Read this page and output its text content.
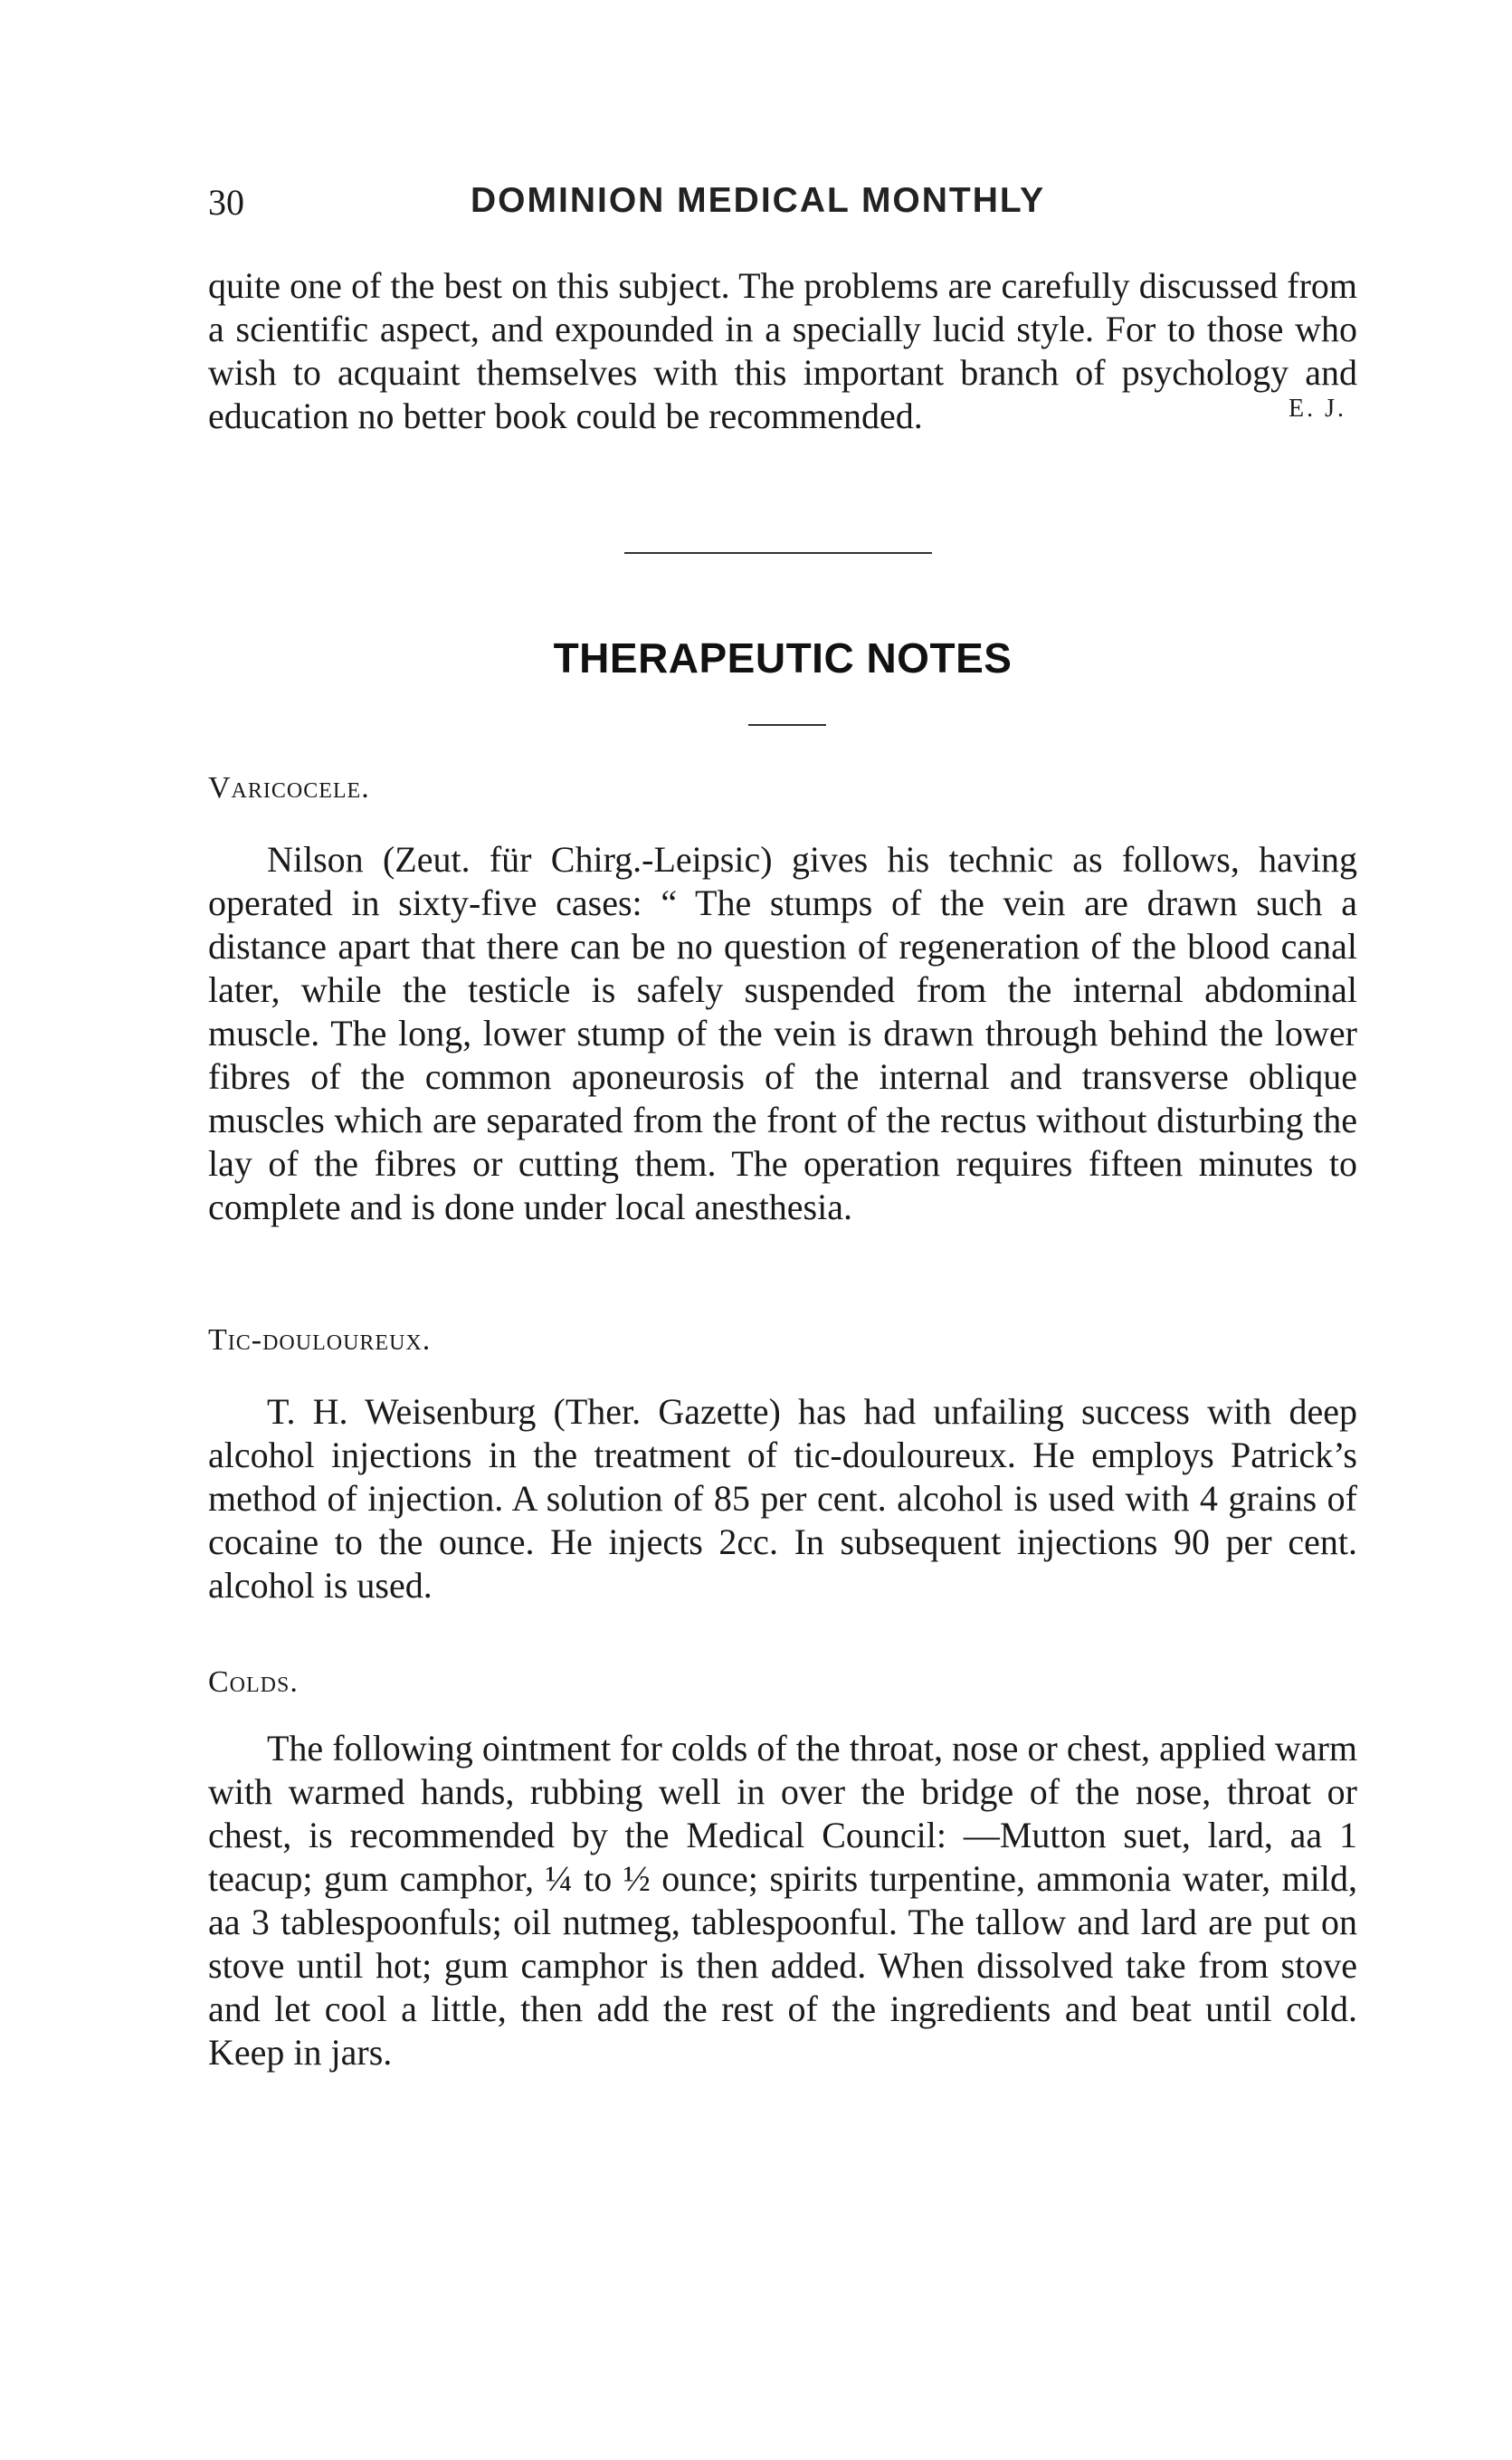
30	DOMINION MEDICAL MONTHLY

quite one of the best on this subject. The problems are carefully discussed from a scientific aspect, and expounded in a specially lucid style. For to those who wish to acquaint themselves with this important branch of psychology and education no better book could be recommended.	E. J.
THERAPEUTIC NOTES
Varicocele.

Nilson (Zeut. für Chirg.-Leipsic) gives his technic as follows, having operated in sixty-five cases: “ The stumps of the vein are drawn such a distance apart that there can be no question of regeneration of the blood canal later, while the testicle is safely suspended from the internal abdominal muscle. The long, lower stump of the vein is drawn through behind the lower fibres of the common aponeurosis of the internal and transverse oblique muscles which are separated from the front of the rectus without disturbing the lay of the fibres or cutting them. The operation requires fifteen minutes to complete and is done under local anesthesia.

Tic-douloureux.

T. H. Weisenburg (Ther. Gazette) has had unfailing success with deep alcohol injections in the treatment of tic-douloureux. He employs Patrick’s method of injection. A solution of 85 per cent. alcohol is used with 4 grains of cocaine to the ounce. He injects 2cc. In subsequent injections 90 per cent. alcohol is used.

Colds.

The following ointment for colds of the throat, nose or chest, applied warm with warmed hands, rubbing well in over the bridge of the nose, throat or chest, is recommended by the Medical Council: —Mutton suet, lard, aa 1 teacup; gum camphor, ¼ to ½ ounce; spirits turpentine, ammonia water, mild, aa 3 tablespoonfuls; oil nutmeg, tablespoonful. The tallow and lard are put on stove until hot; gum camphor is then added. When dissolved take from stove and let cool a little, then add the rest of the ingredients and beat until cold. Keep in jars.
